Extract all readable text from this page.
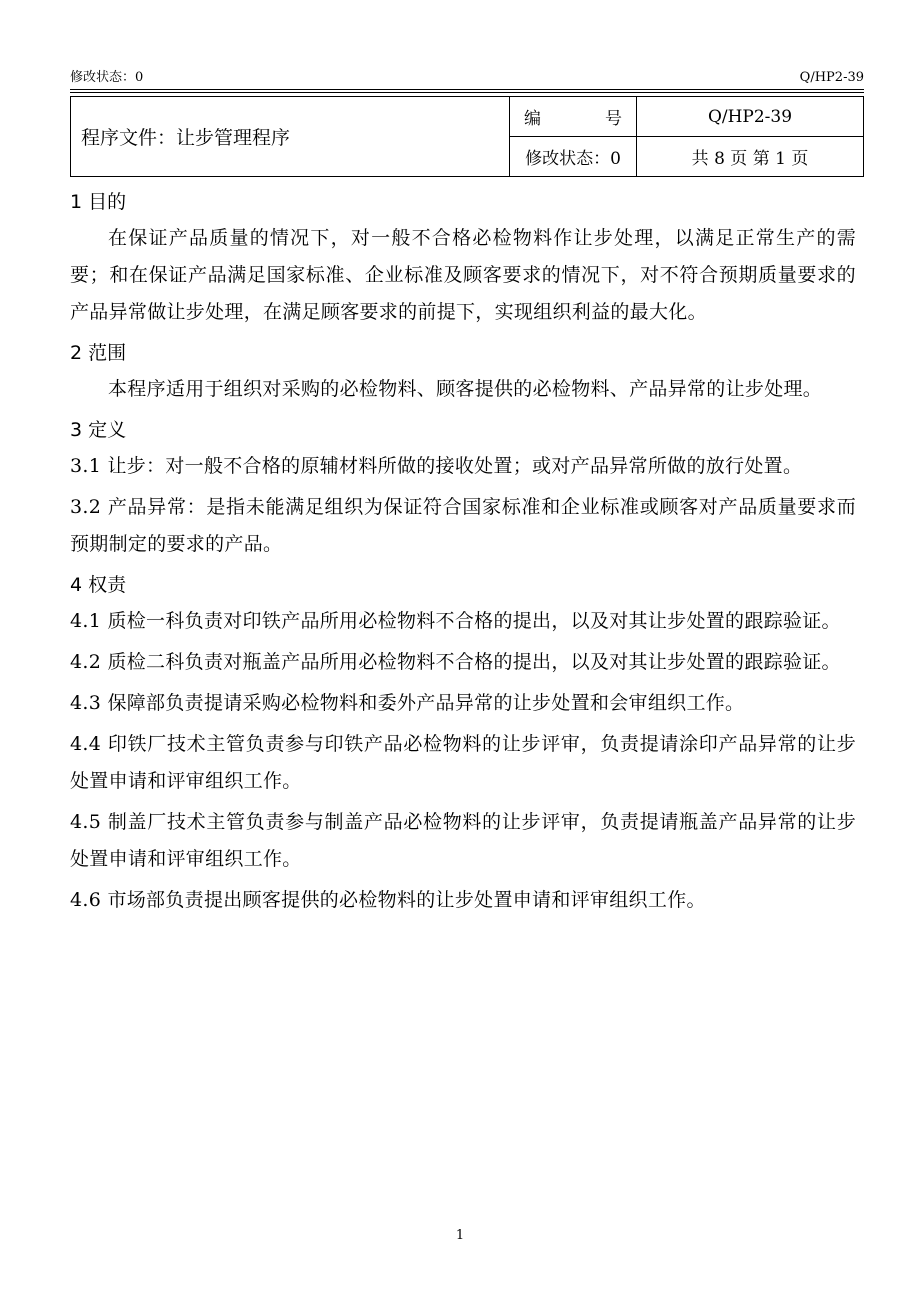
修改状态：0	Q/HP2-39
程序文件：让步管理程序	编 号	Q/HP2-39
	修改状态：0	共 8 页 第 1 页
1 目的
在保证产品质量的情况下，对一般不合格必检物料作让步处理，以满足正常生产的需要；和在保证产品满足国家标准、企业标准及顾客要求的情况下，对不符合预期质量要求的产品异常做让步处理，在满足顾客要求的前提下，实现组织利益的最大化。
2 范围
本程序适用于组织对采购的必检物料、顾客提供的必检物料、产品异常的让步处理。
3 定义
3.1 让步：对一般不合格的原辅材料所做的接收处置；或对产品异常所做的放行处置。
3.2 产品异常：是指未能满足组织为保证符合国家标准和企业标准或顾客对产品质量要求而预期制定的要求的产品。
4 权责
4.1 质检一科负责对印铁产品所用必检物料不合格的提出，以及对其让步处置的跟踪验证。
4.2 质检二科负责对瓶盖产品所用必检物料不合格的提出，以及对其让步处置的跟踪验证。
4.3 保障部负责提请采购必检物料和委外产品异常的让步处置和会审组织工作。
4.4 印铁厂技术主管负责参与印铁产品必检物料的让步评审，负责提请涂印产品异常的让步处置申请和评审组织工作。
4.5 制盖厂技术主管负责参与制盖产品必检物料的让步评审，负责提请瓶盖产品异常的让步处置申请和评审组织工作。
4.6 市场部负责提出顾客提供的必检物料的让步处置申请和评审组织工作。
1
